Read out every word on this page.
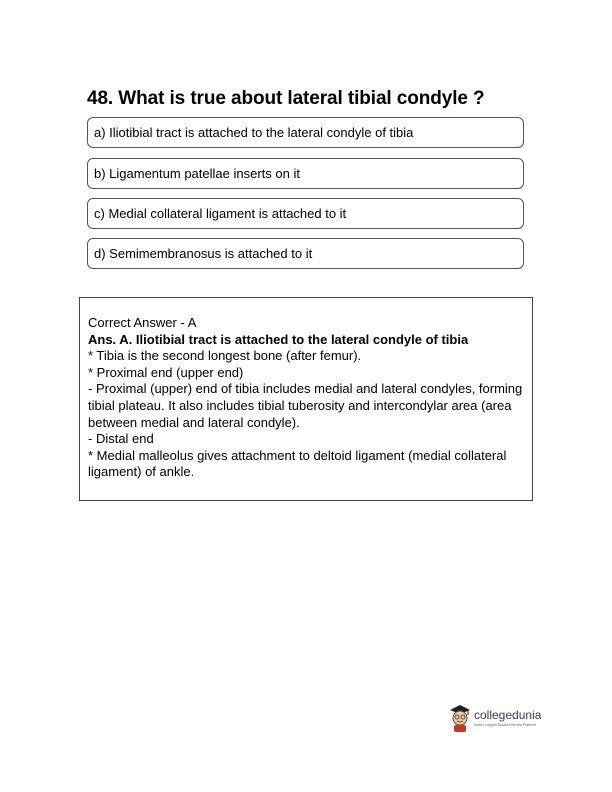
48. What is true about lateral tibial condyle ?
a) Iliotibial tract is attached to the lateral condyle of tibia
b) Ligamentum patellae inserts on it
c) Medial collateral ligament is attached to it
d) Semimembranosus is attached to it
Correct Answer - A
Ans. A. Iliotibial tract is attached to the lateral condyle of tibia
* Tibia is the second longest bone (after femur).
* Proximal end (upper end)
- Proximal (upper) end of tibia includes medial and lateral condyles, forming tibial plateau. It also includes tibial tuberosity and intercondylar area (area between medial and lateral condyle).
- Distal end
* Medial malleolus gives attachment to deltoid ligament (medial collateral ligament) of ankle.
collegedunia
India's Largest Student Review Platform
